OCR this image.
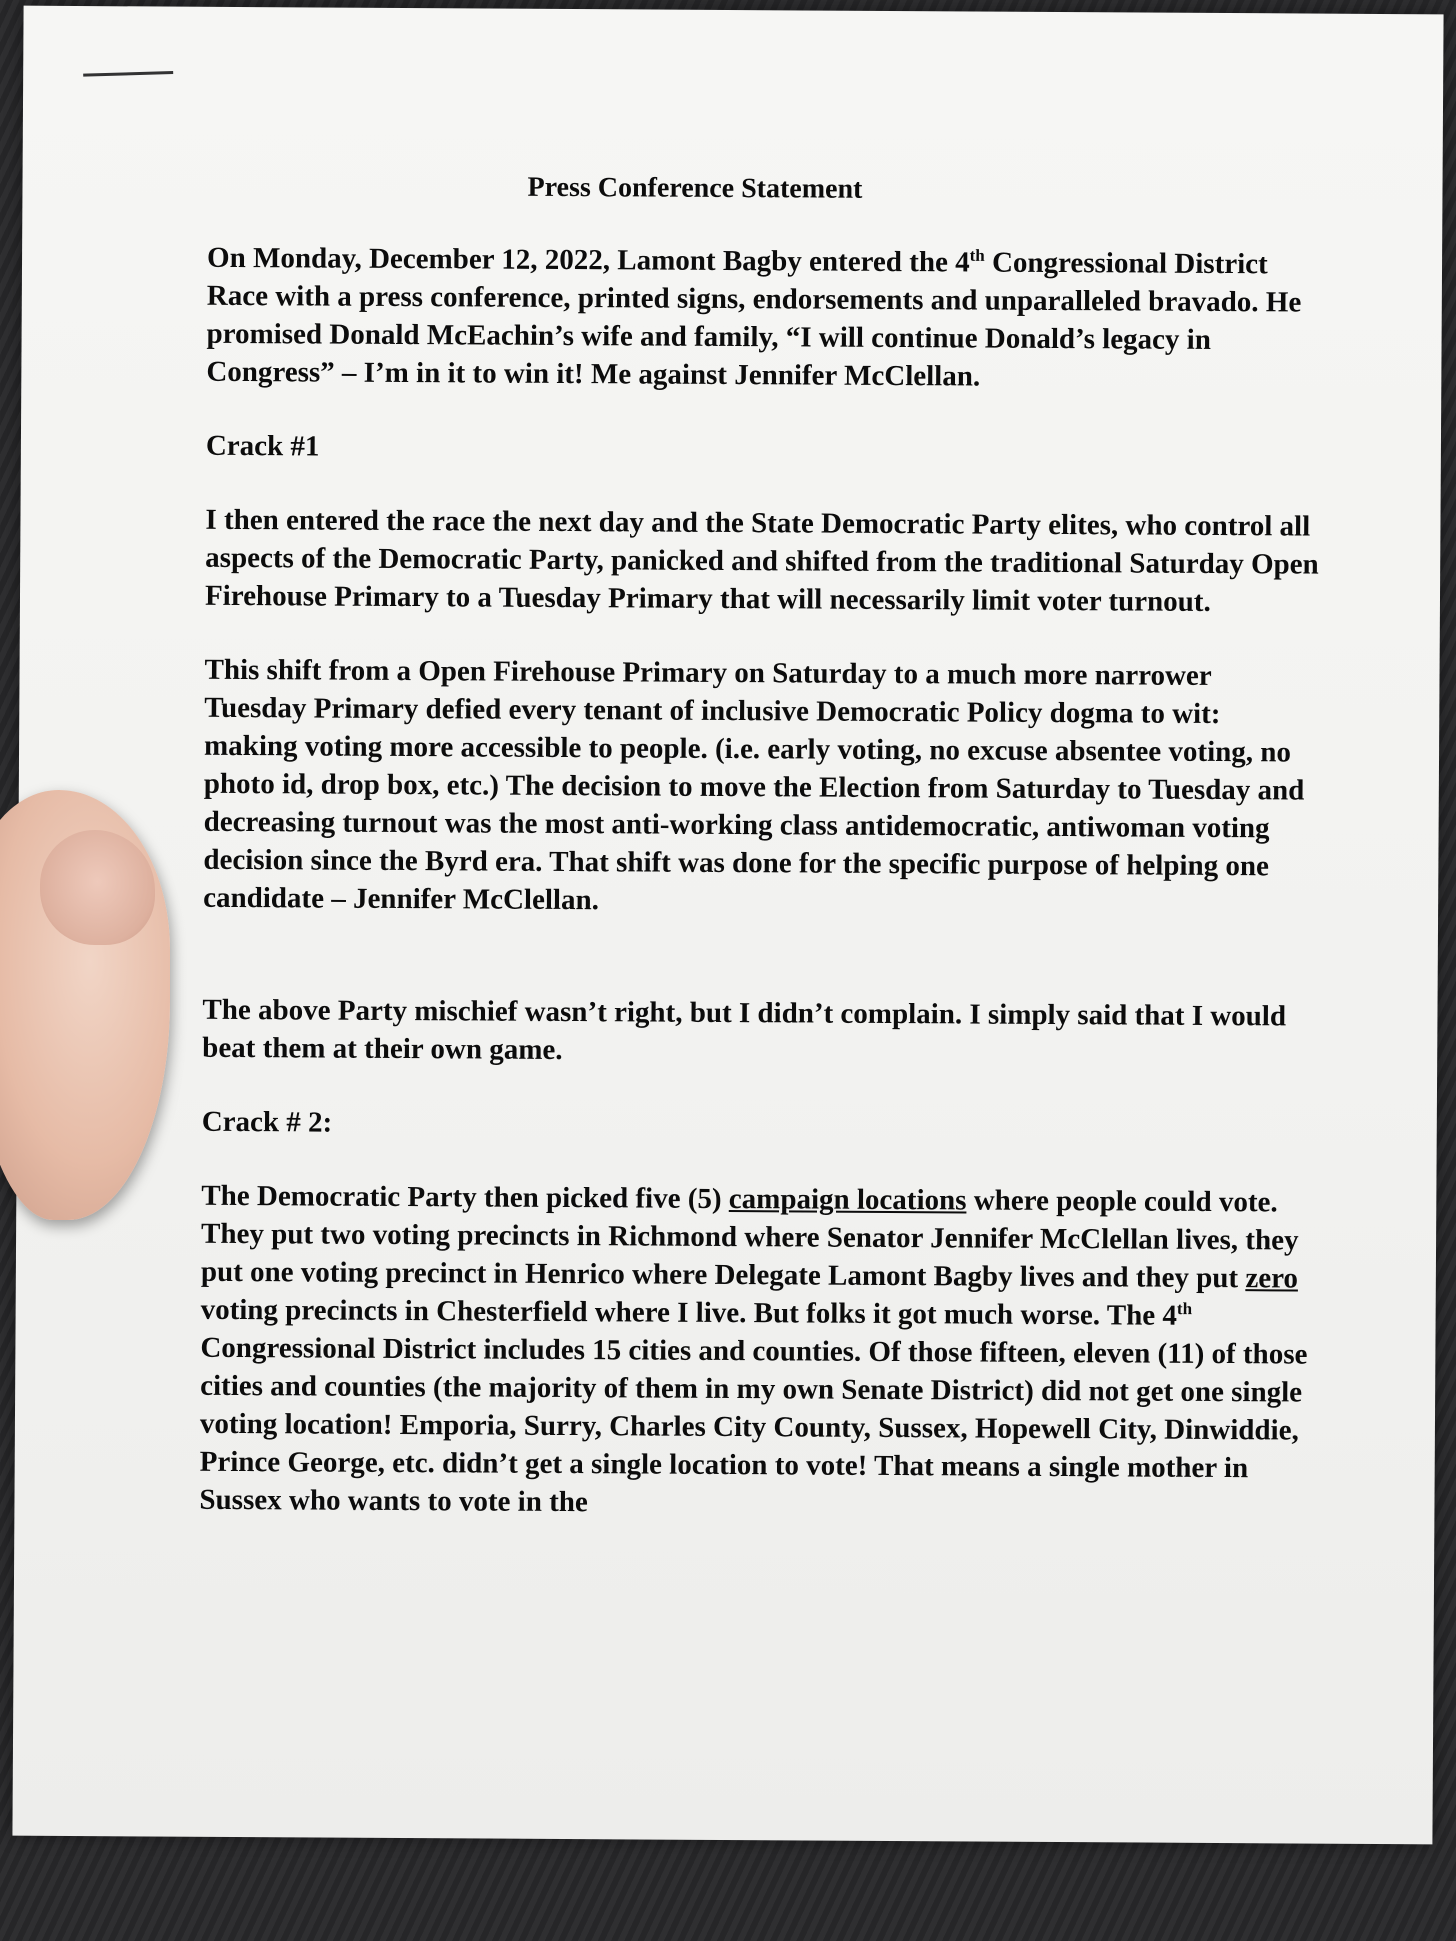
Press Conference Statement

On Monday, December 12, 2022, Lamont Bagby entered the 4th Congressional District Race with a press conference, printed signs, endorsements and unparalleled bravado. He promised Donald McEachin’s wife and family, “I will continue Donald’s legacy in Congress” – I’m in it to win it! Me against Jennifer McClellan.

Crack #1

I then entered the race the next day and the State Democratic Party elites, who control all aspects of the Democratic Party, panicked and shifted from the traditional Saturday Open Firehouse Primary to a Tuesday Primary that will necessarily limit voter turnout.

This shift from a Open Firehouse Primary on Saturday to a much more narrower Tuesday Primary defied every tenant of inclusive Democratic Policy dogma to wit: making voting more accessible to people. (i.e. early voting, no excuse absentee voting, no photo id, drop box, etc.) The decision to move the Election from Saturday to Tuesday and decreasing turnout was the most anti-working class antidemocratic, antiwoman voting decision since the Byrd era. That shift was done for the specific purpose of helping one candidate – Jennifer McClellan.

The above Party mischief wasn’t right, but I didn’t complain. I simply said that I would beat them at their own game.

Crack # 2:

The Democratic Party then picked five (5) campaign locations where people could vote. They put two voting precincts in Richmond where Senator Jennifer McClellan lives, they put one voting precinct in Henrico where Delegate Lamont Bagby lives and they put zero voting precincts in Chesterfield where I live. But folks it got much worse. The 4th Congressional District includes 15 cities and counties. Of those fifteen, eleven (11) of those cities and counties (the majority of them in my own Senate District) did not get one single voting location! Emporia, Surry, Charles City County, Sussex, Hopewell City, Dinwiddie, Prince George, etc. didn’t get a single location to vote! That means a single mother in Sussex who wants to vote in the
